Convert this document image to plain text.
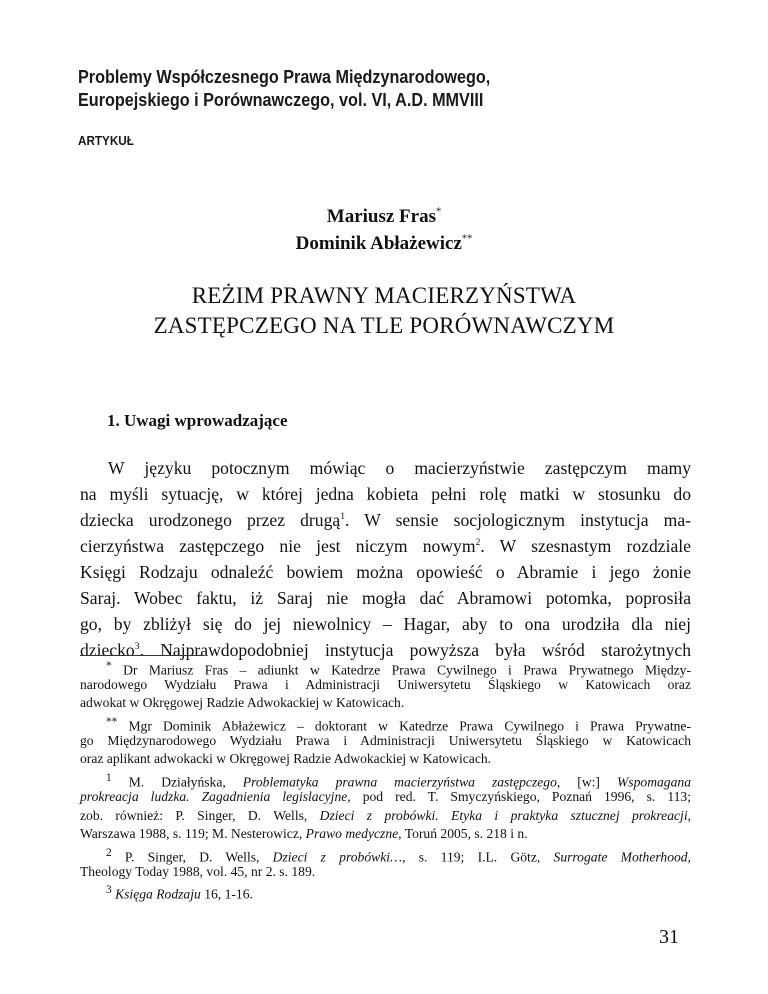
Problemy Współczesnego Prawa Międzynarodowego,
Europejskiego i Porównawczego, vol. VI, A.D. MMVIII
ARTYKUŁ
Mariusz Fras*
Dominik Abłażewicz**
REŻIM PRAWNY MACIERZYŃSTWA
ZASTĘPCZEGO NA TLE PORÓWNAWCZYM
1. Uwagi wprowadzające
W języku potocznym mówiąc o macierzyństwie zastępczym mamy
na myśli sytuację, w której jedna kobieta pełni rolę matki w stosunku do
dziecka urodzonego przez drugą$^1$. W sensie socjologicznym instytucja ma-
cierzyństwa zastępczego nie jest niczym nowym$^2$. W szesnastym rozdziale
Księgi Rodzaju odnaleźć bowiem można opowieść o Abramie i jego żonie
Saraj. Wobec faktu, iż Saraj nie mogła dać Abramowi potomka, poprosiła
go, by zbliżył się do jej niewolnicy – Hagar, aby to ona urodziła dla niej
dziecko$^3$. Najprawdopodobniej instytucja powyższa była wśród starożytnych
* Dr Mariusz Fras – adiunkt w Katedrze Prawa Cywilnego i Prawa Prywatnego Między-
narodowego Wydziału Prawa i Administracji Uniwersytetu Śląskiego w Katowicach oraz
adwokat w Okręgowej Radzie Adwokackiej w Katowicach.
** Mgr Dominik Abłażewicz – doktorant w Katedrze Prawa Cywilnego i Prawa Prywatne-
go Międzynarodowego Wydziału Prawa i Administracji Uniwersytetu Śląskiego w Katowicach
oraz aplikant adwokacki w Okręgowej Radzie Adwokackiej w Katowicach.
$^1$ M. Działyńska, Problematyka prawna macierzyństwa zastępczego, [w:] Wspomagana
prokreacja ludzka. Zagadnienia legislacyjne, pod red. T. Smyczyńskiego, Poznań 1996, s. 113;
zob. również: P. Singer, D. Wells, Dzieci z probówki. Etyka i praktyka sztucznej prokreacji,
Warszawa 1988, s. 119; M. Nesterowicz, Prawo medyczne, Toruń 2005, s. 218 i n.
$^2$ P. Singer, D. Wells, Dzieci z probówki…, s. 119; I.L. Götz, Surrogate Motherhood,
Theology Today 1988, vol. 45, nr 2. s. 189.
$^3$ Księga Rodzaju 16, 1-16.
31
